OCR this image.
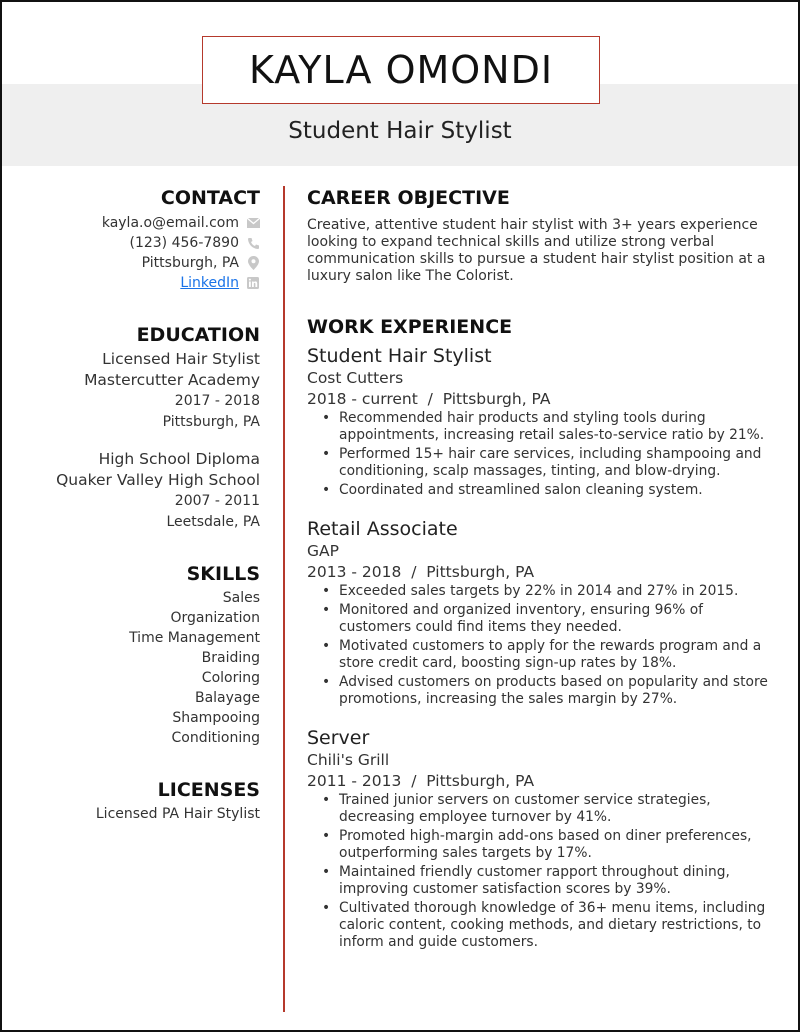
KAYLA OMONDI
Student Hair Stylist
CONTACT
kayla.o@email.com
(123) 456-7890
Pittsburgh, PA
LinkedIn
EDUCATION
Licensed Hair Stylist
Mastercutter Academy
2017 - 2018
Pittsburgh, PA
High School Diploma
Quaker Valley High School
2007 - 2011
Leetsdale, PA
SKILLS
Sales
Organization
Time Management
Braiding
Coloring
Balayage
Shampooing
Conditioning
LICENSES
Licensed PA Hair Stylist
CAREER OBJECTIVE
Creative, attentive student hair stylist with 3+ years experience looking to expand technical skills and utilize strong verbal communication skills to pursue a student hair stylist position at a luxury salon like The Colorist.
WORK EXPERIENCE
Student Hair Stylist
Cost Cutters
2018 - current  /  Pittsburgh, PA
• Recommended hair products and styling tools during appointments, increasing retail sales-to-service ratio by 21%.
• Performed 15+ hair care services, including shampooing and conditioning, scalp massages, tinting, and blow-drying.
• Coordinated and streamlined salon cleaning system.
Retail Associate
GAP
2013 - 2018  /  Pittsburgh, PA
• Exceeded sales targets by 22% in 2014 and 27% in 2015.
• Monitored and organized inventory, ensuring 96% of customers could find items they needed.
• Motivated customers to apply for the rewards program and a store credit card, boosting sign-up rates by 18%.
• Advised customers on products based on popularity and store promotions, increasing the sales margin by 27%.
Server
Chili's Grill
2011 - 2013  /  Pittsburgh, PA
• Trained junior servers on customer service strategies, decreasing employee turnover by 41%.
• Promoted high-margin add-ons based on diner preferences, outperforming sales targets by 17%.
• Maintained friendly customer rapport throughout dining, improving customer satisfaction scores by 39%.
• Cultivated thorough knowledge of 36+ menu items, including caloric content, cooking methods, and dietary restrictions, to inform and guide customers.
